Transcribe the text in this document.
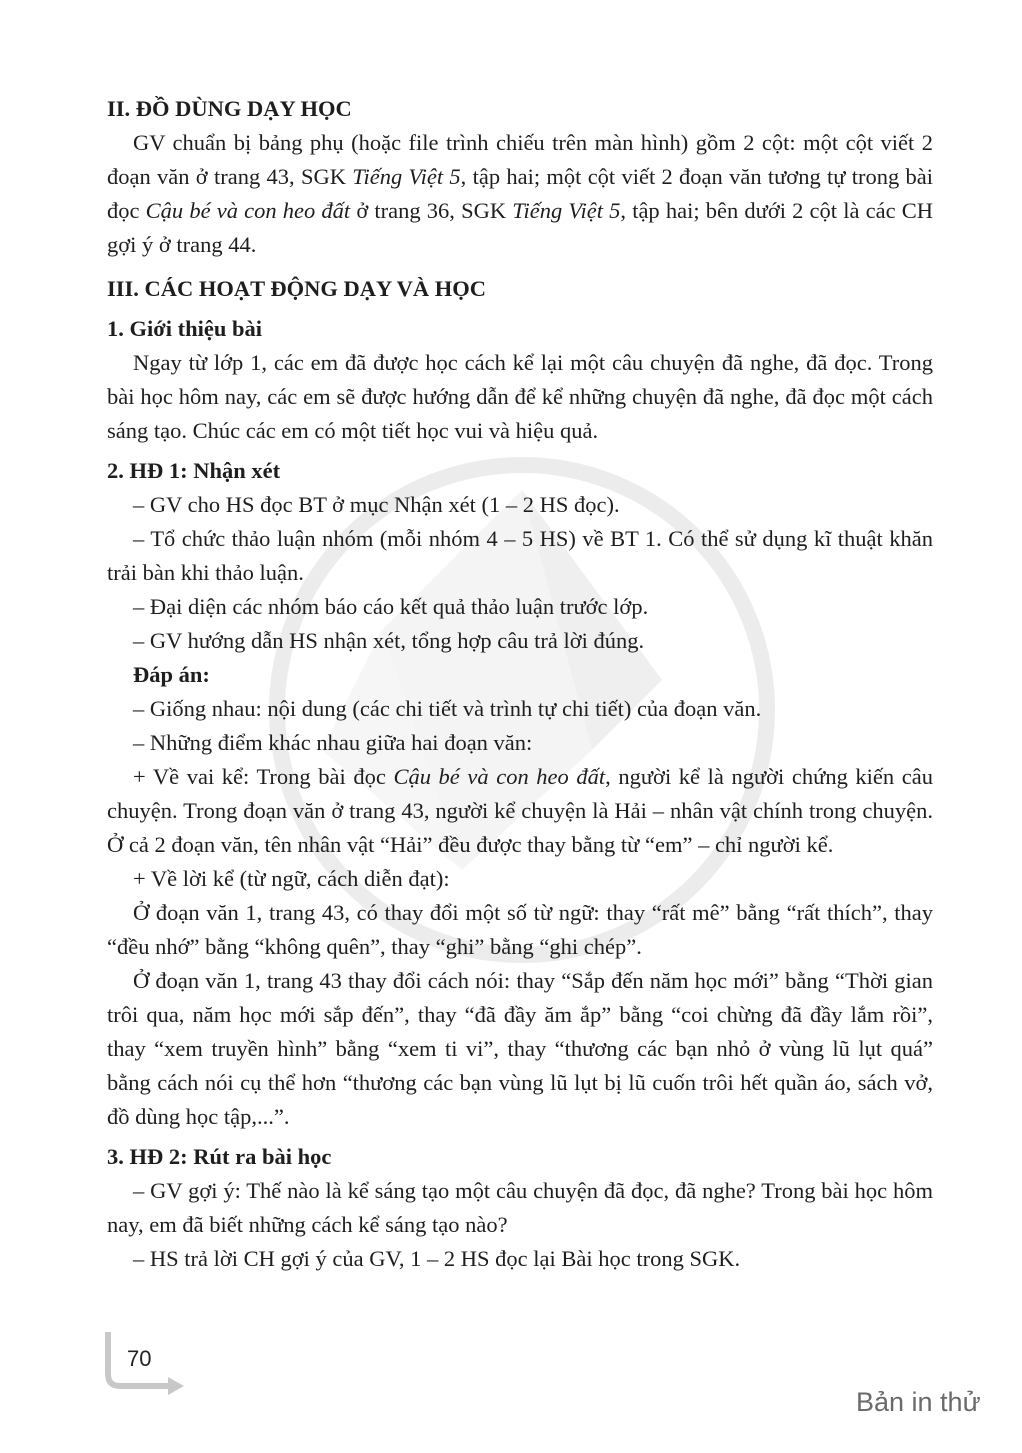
II. ĐỒ DÙNG DẠY HỌC

GV chuẩn bị bảng phụ (hoặc file trình chiếu trên màn hình) gồm 2 cột: một cột viết 2 đoạn văn ở trang 43, SGK Tiếng Việt 5, tập hai; một cột viết 2 đoạn văn tương tự trong bài đọc Cậu bé và con heo đất ở trang 36, SGK Tiếng Việt 5, tập hai; bên dưới 2 cột là các CH gợi ý ở trang 44.

III. CÁC HOẠT ĐỘNG DẠY VÀ HỌC

1. Giới thiệu bài

Ngay từ lớp 1, các em đã được học cách kể lại một câu chuyện đã nghe, đã đọc. Trong bài học hôm nay, các em sẽ được hướng dẫn để kể những chuyện đã nghe, đã đọc một cách sáng tạo. Chúc các em có một tiết học vui và hiệu quả.

2. HĐ 1: Nhận xét

– GV cho HS đọc BT ở mục Nhận xét (1 – 2 HS đọc).

– Tổ chức thảo luận nhóm (mỗi nhóm 4 – 5 HS) về BT 1. Có thể sử dụng kĩ thuật khăn trải bàn khi thảo luận.

– Đại diện các nhóm báo cáo kết quả thảo luận trước lớp.

– GV hướng dẫn HS nhận xét, tổng hợp câu trả lời đúng.

Đáp án:

– Giống nhau: nội dung (các chi tiết và trình tự chi tiết) của đoạn văn.

– Những điểm khác nhau giữa hai đoạn văn:

+ Về vai kể: Trong bài đọc Cậu bé và con heo đất, người kể là người chứng kiến câu chuyện. Trong đoạn văn ở trang 43, người kể chuyện là Hải – nhân vật chính trong chuyện. Ở cả 2 đoạn văn, tên nhân vật “Hải” đều được thay bằng từ “em” – chỉ người kể.

+ Về lời kể (từ ngữ, cách diễn đạt):

Ở đoạn văn 1, trang 43, có thay đổi một số từ ngữ: thay “rất mê” bằng “rất thích”, thay “đều nhớ” bằng “không quên”, thay “ghi” bằng “ghi chép”.

Ở đoạn văn 1, trang 43 thay đổi cách nói: thay “Sắp đến năm học mới” bằng “Thời gian trôi qua, năm học mới sắp đến”, thay “đã đầy ăm ắp” bằng “coi chừng đã đầy lắm rồi”, thay “xem truyền hình” bằng “xem ti vi”, thay “thương các bạn nhỏ ở vùng lũ lụt quá” bằng cách nói cụ thể hơn “thương các bạn vùng lũ lụt bị lũ cuốn trôi hết quần áo, sách vở, đồ dùng học tập,...”.

3. HĐ 2: Rút ra bài học

– GV gợi ý: Thế nào là kể sáng tạo một câu chuyện đã đọc, đã nghe? Trong bài học hôm nay, em đã biết những cách kể sáng tạo nào?

– HS trả lời CH gợi ý của GV, 1 – 2 HS đọc lại Bài học trong SGK.

70
Bản in thử
